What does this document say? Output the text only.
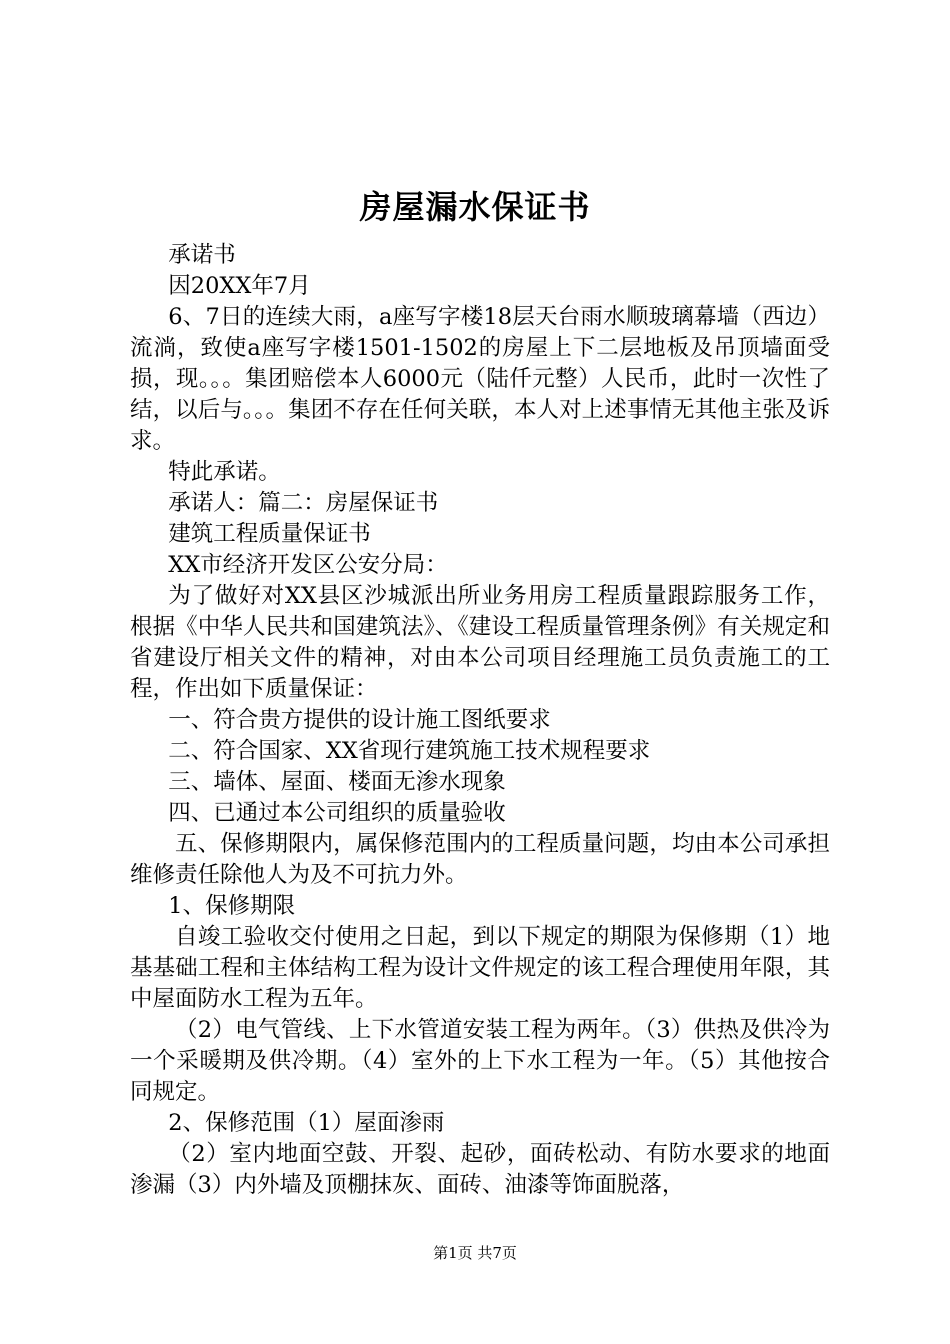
房屋漏水保证书

承诺书

因20XX年7月

6、7日的连续大雨，a座写字楼18层天台雨水顺玻璃幕墙（西边）流淌，致使a座写字楼1501-1502的房屋上下二层地板及吊顶墙面受损，现。。。集团赔偿本人6000元（陆仟元整）人民币，此时一次性了结，以后与。。。集团不存在任何关联，本人对上述事情无其他主张及诉求。

特此承诺。

承诺人：篇二：房屋保证书

建筑工程质量保证书

XX市经济开发区公安分局：

为了做好对XX县区沙城派出所业务用房工程质量跟踪服务工作，根据《中华人民共和国建筑法》、《建设工程质量管理条例》有关规定和省建设厅相关文件的精神，对由本公司项目经理施工员负责施工的工程，作出如下质量保证：

一、符合贵方提供的设计施工图纸要求

二、符合国家、XX省现行建筑施工技术规程要求

三、墙体、屋面、楼面无渗水现象

四、已通过本公司组织的质量验收

五、保修期限内，属保修范围内的工程质量问题，均由本公司承担维修责任除他人为及不可抗力外。

1、保修期限

自竣工验收交付使用之日起，到以下规定的期限为保修期（1）地基基础工程和主体结构工程为设计文件规定的该工程合理使用年限，其中屋面防水工程为五年。

（2）电气管线、上下水管道安装工程为两年。（3）供热及供冷为一个采暖期及供冷期。（4）室外的上下水工程为一年。（5）其他按合同规定。

2、保修范围（1）屋面渗雨

（2）室内地面空鼓、开裂、起砂，面砖松动、有防水要求的地面渗漏（3）内外墙及顶棚抹灰、面砖、油漆等饰面脱落，

第1页 共7页
